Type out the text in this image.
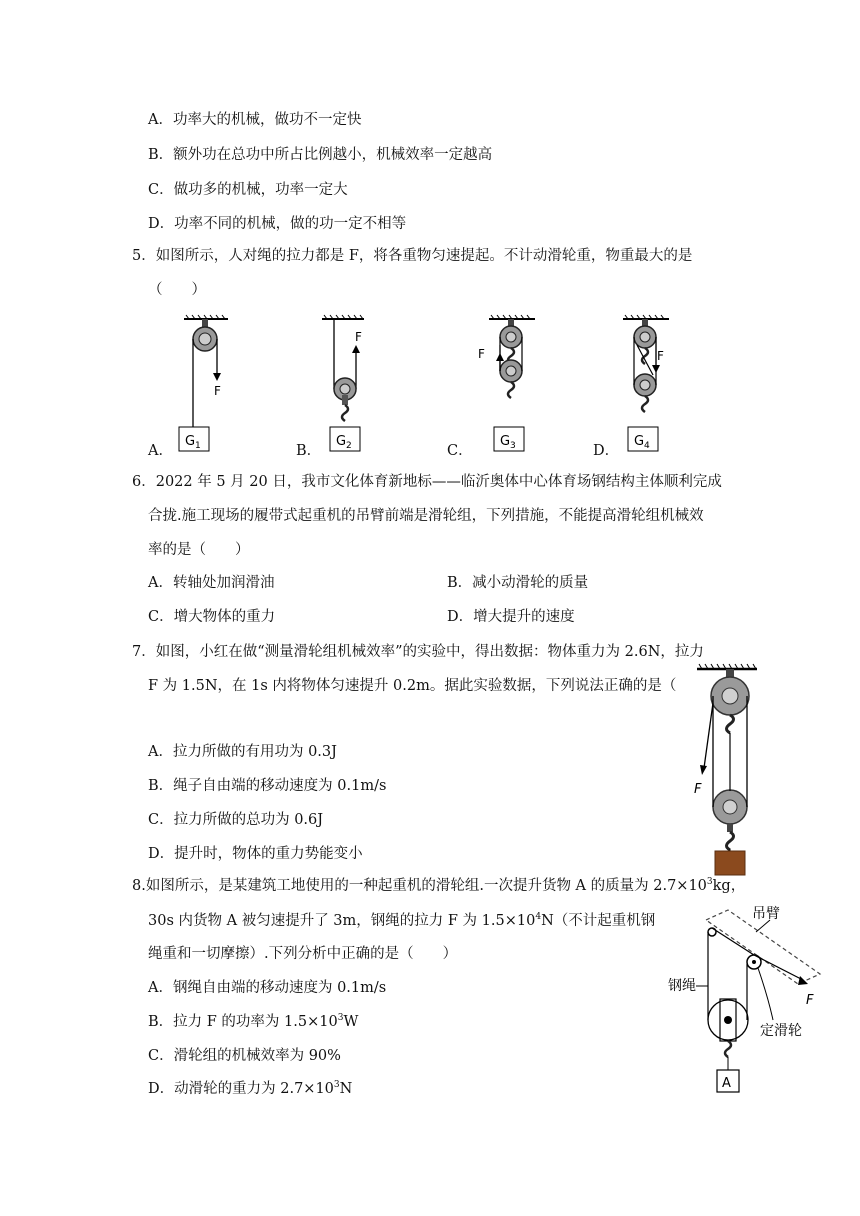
A．功率大的机械，做功不一定快
B．额外功在总功中所占比例越小，机械效率一定越高
C．做功多的机械，功率一定大
D．功率不同的机械，做的功一定不相等
5．如图所示，人对绳的拉力都是 F，将各重物匀速提起。不计动滑轮重，物重最大的是
（　　）
A．	B．	C．	D．
F
G 1
F
G 2
F
G 3
F
G 4
6．2022 年 5 月 20 日，我市文化体育新地标——临沂奥体中心体育场钢结构主体顺利完成
合拢.施工现场的履带式起重机的吊臂前端是滑轮组，下列措施，不能提高滑轮组机械效
率的是（　　）
A．转轴处加润滑油	B．减小动滑轮的质量
C．增大物体的重力	D．增大提升的速度
7．如图，小红在做“测量滑轮组机械效率”的实验中，得出数据：物体重力为 2.6N，拉力
F 为 1.5N，在 1s 内将物体匀速提升 0.2m。据此实验数据，下列说法正确的是（
A．拉力所做的有用功为 0.3J
B．绳子自由端的移动速度为 0.1m/s
C．拉力所做的总功为 0.6J
D．提升时，物体的重力势能变小
F
8.如图所示，是某建筑工地使用的一种起重机的滑轮组.一次提升货物 A 的质量为 $2.7\times 10^3kg$，
30s 内货物 A 被匀速提升了 3m，钢绳的拉力 F 为 $1.5\times 10^4N$（不计起重机钢
绳重和一切摩擦）.下列分析中正确的是（　　）
A．钢绳自由端的移动速度为 0.1m/s
B．拉力 F 的功率为 $1.5\times 10^3W$
C．滑轮组的机械效率为 90%
D．动滑轮的重力为 $2.7\times 10^3N$
吊臂
F
定滑轮
钢绳
A
